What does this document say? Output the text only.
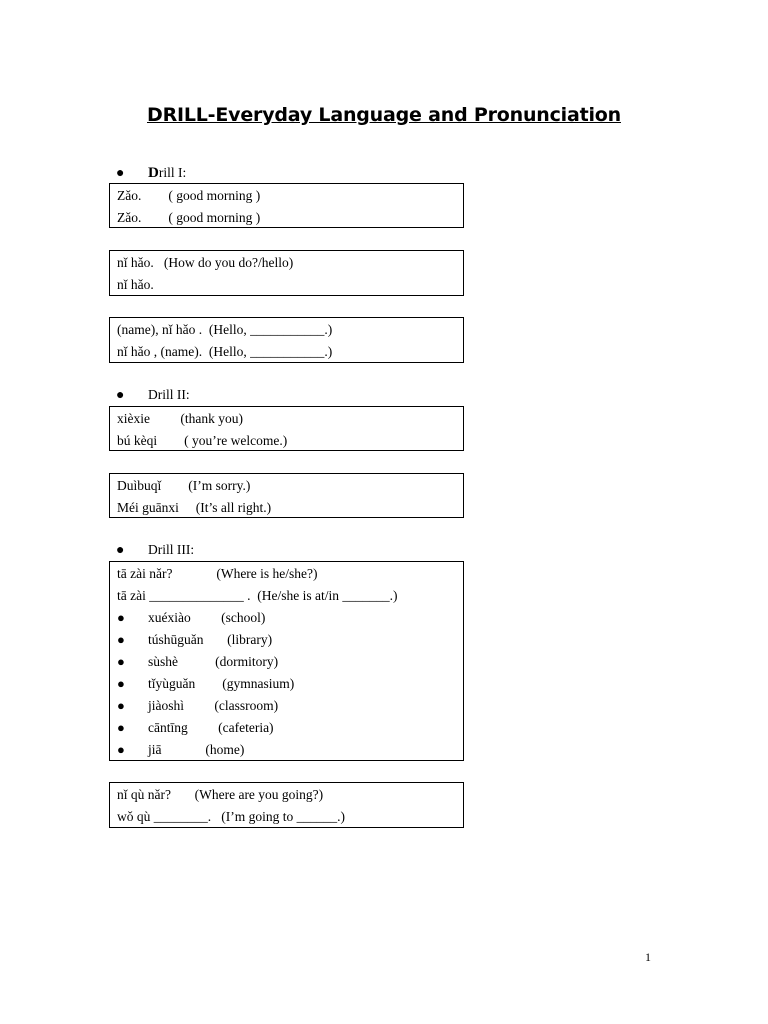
DRILL-Everyday Language and Pronunciation
● Drill I:
Zǎo.        ( good morning )
Zǎo.        ( good morning )
nǐ hǎo.   (How do you do?/hello)
nǐ hǎo.
(name), nǐ hǎo .  (Hello, ___________.)
nǐ hǎo , (name).  (Hello, ___________.)
● Drill II:
xièxie         (thank you)
bú kèqi        ( you’re welcome.)
Duìbuqǐ        (I’m sorry.)
Méi guānxi     (It’s all right.)
● Drill III:
tā zài nǎr?             (Where is he/she?)
tā zài ______________ .  (He/she is at/in _______.)
● xuéxiào         (school)
● túshūguǎn       (library)
● sùshè           (dormitory)
● tǐyùguǎn        (gymnasium)
● jiàoshì         (classroom)
● cāntīng         (cafeteria)
● jiā             (home)
nǐ qù nǎr?       (Where are you going?)
wǒ qù ________.   (I’m going to ______.)
1
